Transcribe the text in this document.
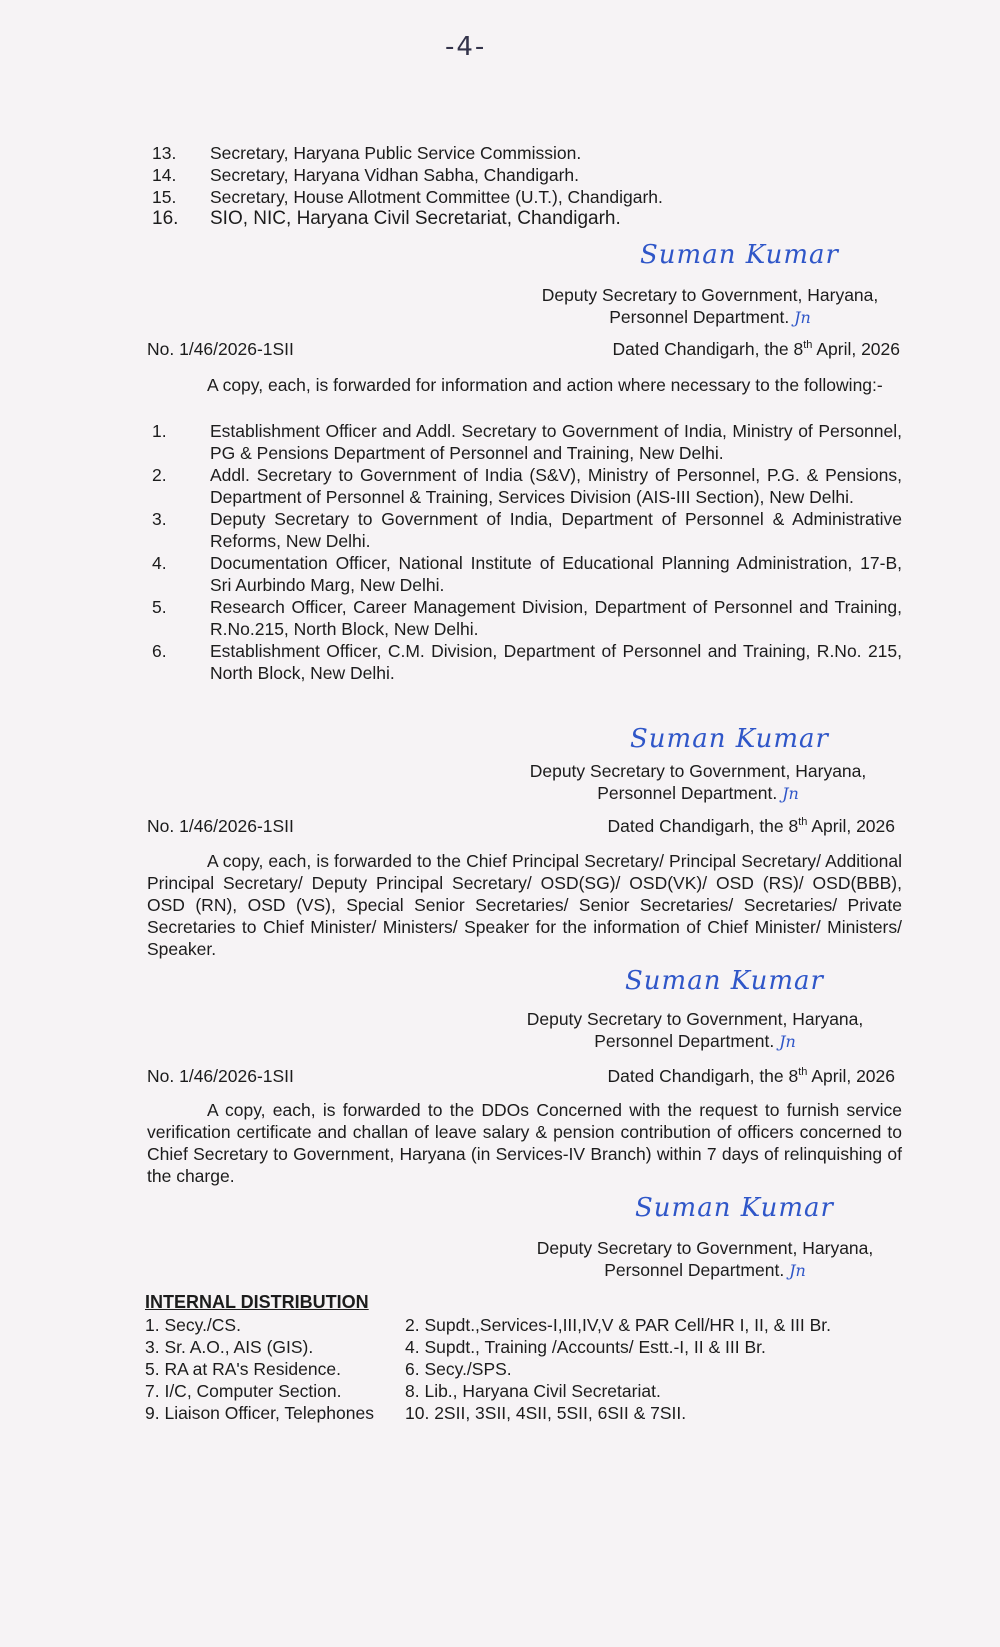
-4-
13.	Secretary, Haryana Public Service Commission.
14.	Secretary, Haryana Vidhan Sabha, Chandigarh.
15.	Secretary, House Allotment Committee (U.T.), Chandigarh.
16.	SIO, NIC, Haryana Civil Secretariat, Chandigarh.
Suman Kumar
Deputy Secretary to Government, Haryana,
Personnel Department. Jn
No. 1/46/2026-1SII	Dated Chandigarh, the 8th April, 2026
A copy, each, is forwarded for information and action where necessary to the following:-
1.	Establishment Officer and Addl. Secretary to Government of India, Ministry of Personnel, PG & Pensions Department of Personnel and Training, New Delhi.
2.	Addl. Secretary to Government of India (S&V), Ministry of Personnel, P.G. & Pensions, Department of Personnel & Training, Services Division (AIS-III Section), New Delhi.
3.	Deputy Secretary to Government of India, Department of Personnel & Administrative Reforms, New Delhi.
4.	Documentation Officer, National Institute of Educational Planning Administration, 17-B, Sri Aurbindo Marg, New Delhi.
5.	Research Officer, Career Management Division, Department of Personnel and Training, R.No.215, North Block, New Delhi.
6.	Establishment Officer, C.M. Division, Department of Personnel and Training, R.No. 215, North Block, New Delhi.
Suman Kumar
Deputy Secretary to Government, Haryana,
Personnel Department. Jn
No. 1/46/2026-1SII	Dated Chandigarh, the 8th April, 2026
A copy, each, is forwarded to the Chief Principal Secretary/ Principal Secretary/ Additional Principal Secretary/ Deputy Principal Secretary/ OSD(SG)/ OSD(VK)/ OSD (RS)/ OSD(BBB), OSD (RN), OSD (VS), Special Senior Secretaries/ Senior Secretaries/ Secretaries/ Private Secretaries to Chief Minister/ Ministers/ Speaker for the information of Chief Minister/ Ministers/ Speaker.
Suman Kumar
Deputy Secretary to Government, Haryana,
Personnel Department. Jn
No. 1/46/2026-1SII	Dated Chandigarh, the 8th April, 2026
A copy, each, is forwarded to the DDOs Concerned with the request to furnish service verification certificate and challan of leave salary & pension contribution of officers concerned to Chief Secretary to Government, Haryana (in Services-IV Branch) within 7 days of relinquishing of the charge.
Suman Kumar
Deputy Secretary to Government, Haryana,
Personnel Department. Jn
INTERNAL DISTRIBUTION
1. Secy./CS.	2. Supdt.,Services-I,III,IV,V & PAR Cell/HR I, II, & III Br.
3. Sr. A.O., AIS (GIS).	4. Supdt., Training /Accounts/ Estt.-I, II & III Br.
5. RA at RA's Residence.	6. Secy./SPS.
7. I/C, Computer Section.	8. Lib., Haryana Civil Secretariat.
9. Liaison Officer, Telephones	10. 2SII, 3SII, 4SII, 5SII, 6SII & 7SII.
